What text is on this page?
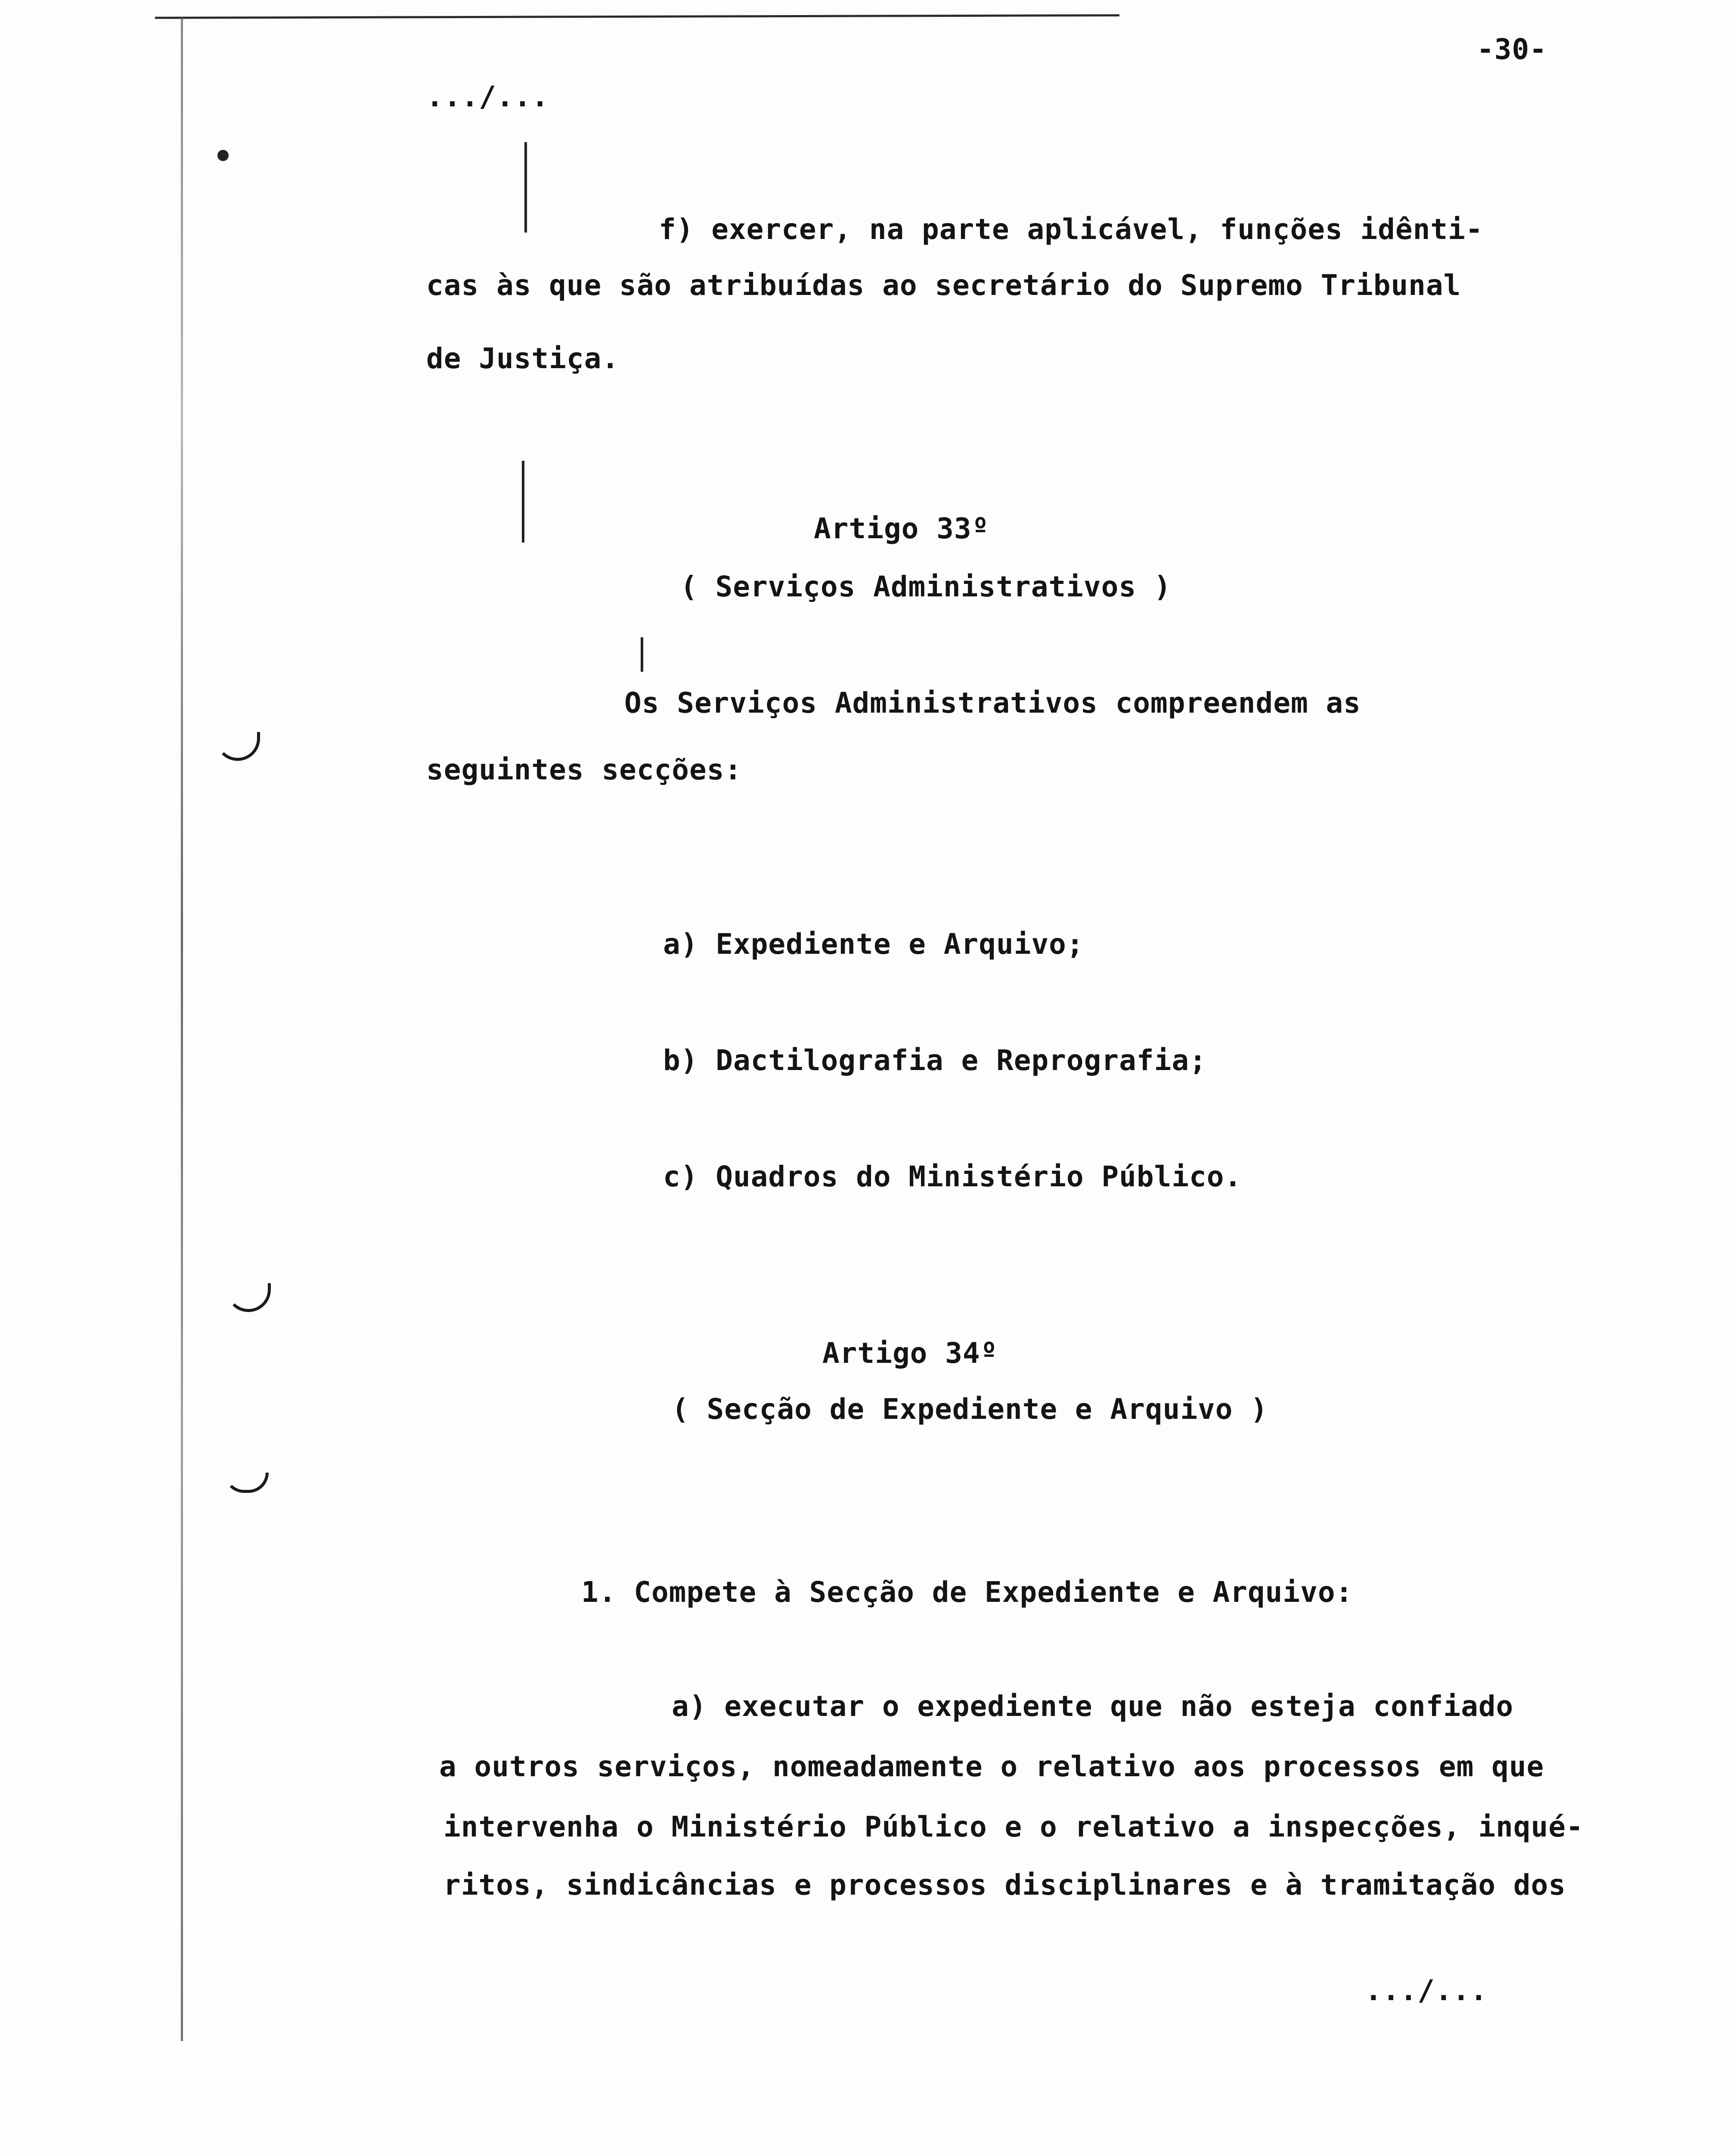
-30-
.../...
f) exercer, na parte aplicável, funções idênti-
cas às que são atribuídas ao secretário do Supremo Tribunal
de Justiça.
Artigo 33º
( Serviços Administrativos )
Os Serviços Administrativos compreendem as
seguintes secções:
a) Expediente e Arquivo;
b) Dactilografia e Reprografia;
c) Quadros do Ministério Público.
Artigo 34º
( Secção de Expediente e Arquivo )
1. Compete à Secção de Expediente e Arquivo:
a) executar o expediente que não esteja confiado
a outros serviços, nomeadamente o relativo aos processos em que
intervenha o Ministério Público e o relativo a inspecções, inqué-
ritos, sindicâncias e processos disciplinares e à tramitação dos
.../...
